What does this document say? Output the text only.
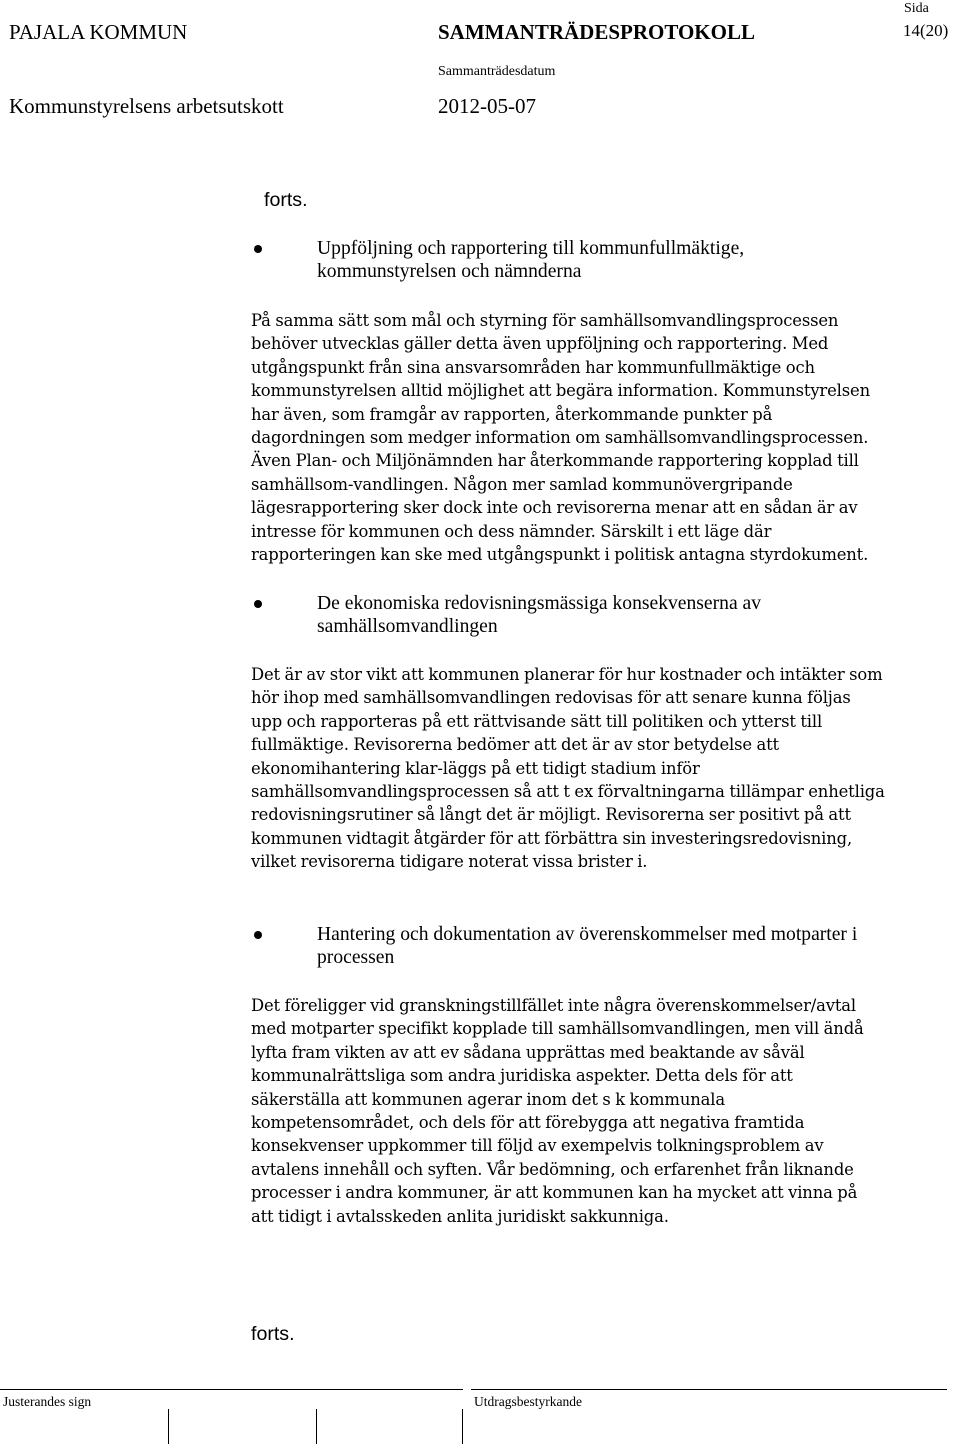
PAJALA KOMMUN	SAMMANTRÄDESPROTOKOLL
Sida
14(20)
Sammanträdesdatum
Kommunstyrelsens arbetsutskott	2012-05-07
forts.
Uppföljning och rapportering till kommunfullmäktige,
kommunstyrelsen och nämnderna
På samma sätt som mål och styrning för samhällsomvandlingsprocessen
behöver utvecklas gäller detta även uppföljning och rapportering. Med
utgångspunkt från sina ansvarsområden har kommunfullmäktige och
kommunstyrelsen alltid möjlighet att begära information. Kommunstyrelsen
har även, som framgår av rapporten, återkommande punkter på
dagordningen som medger information om samhällsomvandlingsprocessen.
Även Plan- och Miljönämnden har återkommande rapportering kopplad till
samhällsom-vandlingen. Någon mer samlad kommunövergripande
lägesrapportering sker dock inte och revisorerna menar att en sådan är av
intresse för kommunen och dess nämnder. Särskilt i ett läge där
rapporteringen kan ske med utgångspunkt i politisk antagna styrdokument.
De ekonomiska redovisningsmässiga konsekvenserna av
samhällsomvandlingen
Det är av stor vikt att kommunen planerar för hur kostnader och intäkter som
hör ihop med samhällsomvandlingen redovisas för att senare kunna följas
upp och rapporteras på ett rättvisande sätt till politiken och ytterst till
fullmäktige. Revisorerna bedömer att det är av stor betydelse att
ekonomihantering klar-läggs på ett tidigt stadium inför
samhällsomvandlingsprocessen så att t ex förvaltningarna tillämpar enhetliga
redovisningsrutiner så långt det är möjligt. Revisorerna ser positivt på att
kommunen vidtagit åtgärder för att förbättra sin investeringsredovisning,
vilket revisorerna tidigare noterat vissa brister i.
Hantering och dokumentation av överenskommelser med motparter i
processen
Det föreligger vid granskningstillfället inte några överenskommelser/avtal
med motparter specifikt kopplade till samhällsomvandlingen, men vill ändå
lyfta fram vikten av att ev sådana upprättas med beaktande av såväl
kommunalrättsliga som andra juridiska aspekter. Detta dels för att
säkerställa att kommunen agerar inom det s k kommunala
kompetensområdet, och dels för att förebygga att negativa framtida
konsekvenser uppkommer till följd av exempelvis tolkningsproblem av
avtalens innehåll och syften. Vår bedömning, och erfarenhet från liknande
processer i andra kommuner, är att kommunen kan ha mycket att vinna på
att tidigt i avtalsskeden anlita juridiskt sakkunniga.
forts.
Justerandes sign	Utdragsbestyrkande
